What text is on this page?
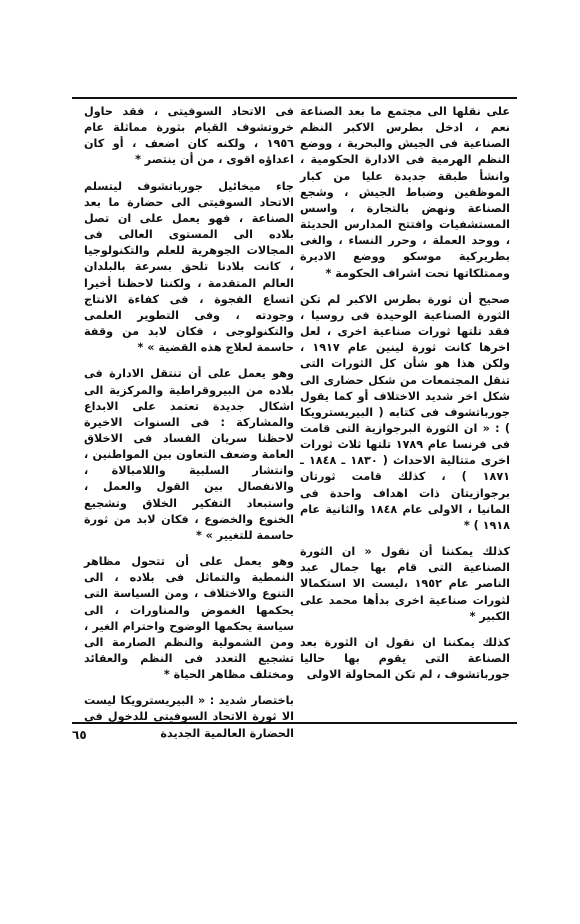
على نقلها الى مجتمع ما بعد الصناعة نعم ، ادخل بطرس الاكبر النظم الصناعية فى الجيش والبحرية ، ووضع النظم الهرمية فى الادارة الحكومية ، وانشأ طبقة جديدة عليا من كبار الموظفين وضباط الجيش ، وشجع الصناعة ونهض بالتجارة ، واسس المستشفيات وافتتح المدارس الحديثة ، ووحد العملة ، وحرر النساء ، والغى بطريركية موسكو ووضع الاديرة وممتلكاتها تحت اشراف الحكومة *

صحيح أن ثورة بطرس الاكبر لم تكن الثورة الصناعية الوحيدة فى روسيا ، فقد تلتها ثورات صناعية اخرى ، لعل اخرها كانت ثورة لينين عام ١٩١٧ ، ولكن هذا هو شأن كل الثورات التى تنقل المجتمعات من شكل حضارى الى شكل اخر شديد الاختلاف أو كما يقول جورباتشوف فى كتابه ( البيريسترويكا ) : « ان الثورة البرجوازية التى قامت فى فرنسا عام ١٧٨٩ تلتها ثلاث ثورات اخرى متتالية الاحداث ( ١٨٣٠ ـ ١٨٤٨ ـ ١٨٧١ ) ، كذلك قامت ثورتان برجوازيتان ذات اهداف واحدة فى المانيا ، الاولى عام ١٨٤٨ والثانية عام ١٩١٨ ) *

كذلك يمكننا أن نقول « ان الثورة الصناعية التى قام بها جمال عبد الناصر عام ١٩٥٢ ،ليست الا استكمالا لثورات صناعية اخرى بدأها محمد على الكبير *

كذلك يمكننا ان نقول ان الثورة بعد الصناعة التى يقوم بها حاليا جورباتشوف ، لم تكن المحاولة الاولى

فى الاتحاد السوفيتى ، فقد حاول خروتشوف القيام بثورة مماثلة عام ١٩٥٦ ، ولكنه كان اضعف ، أو كان اعداؤه اقوى ، من أن ينتصر *

جاء ميخائيل جورباتشوف ليتسلم الاتحاد السوفيتى الى حضارة ما بعد الصناعة ، فهو يعمل على ان تصل بلاده الى المستوى العالى فى المجالات الجوهرية للعلم والتكنولوجيا ، كانت بلادنا تلحق بسرعة بالبلدان العالم المتقدمة ، ولكننا لاحظنا أخيرا اتساع الفجوة ، فى كفاءة الانتاج وجودته ، وفى التطوير العلمى والتكنولوجى ، فكان لابد من وقفة حاسمة لعلاج هذه القضية » *

وهو يعمل على أن تنتقل الادارة فى بلاده من البيروقراطية والمركزية الى اشكال جديدة تعتمد على الابداع والمشاركة : فى السنوات الاخيرة لاحظنا سريان الفساد فى الاخلاق العامة وضعف التعاون بين المواطنين ، وانتشار السلبية واللامبالاة ، والانفصال بين القول والعمل ، واستبعاد التفكير الخلاق وتشجيع الخنوع والخضوع ، فكان لابد من ثورة حاسمة للتغيير » *

وهو يعمل على أن تتحول مظاهر النمطية والتماثل فى بلاده ، الى التنوع والاختلاف ، ومن السياسة التى يحكمها الغموض والمناورات ، الى سياسة يحكمها الوضوح واحترام الغير ، ومن الشمولية والنظم الصارمة الى تشجيع التعدد فى النظم والعقائد ومختلف مظاهر الحياة *

باختصار شديد : « البيريسترويكا ليست الا ثورة الاتحاد السوفيتى للدخول فى الحضارة العالمية الجديدة

٦٥
